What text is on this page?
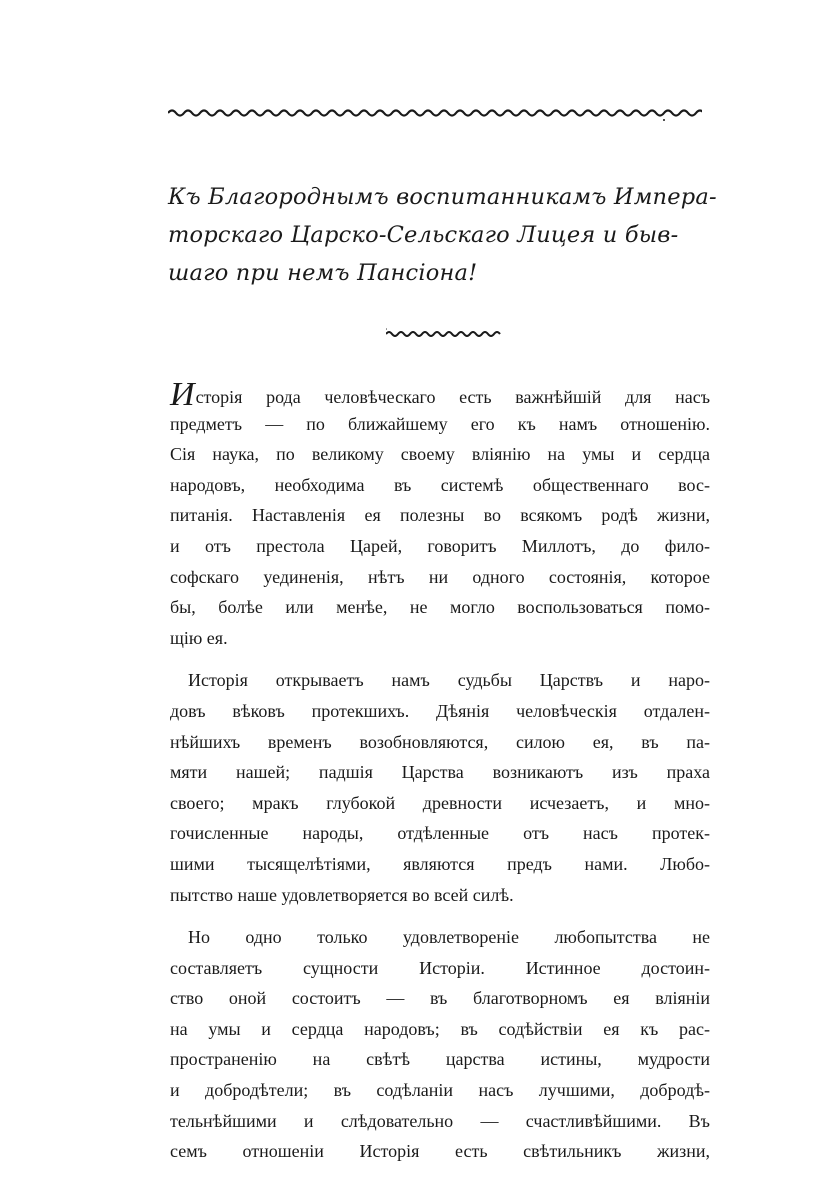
Къ Благороднымъ воспитанникамъ Импера-
торскаго Царско-Сельскаго Лицея и быв-
шаго при немъ Пансiона!
Исторiя рода человѣческаго есть важнѣйшiй для насъ
предметъ — по ближайшему его къ намъ отношенiю.
Сiя наука, по великому своему влiянiю на умы и сердца
народовъ, необходима въ системѣ общественнаго вос-
питанiя. Наставленiя ея полезны во всякомъ родѣ жизни,
и отъ престола Царей, говоритъ Миллотъ, до фило-
софскаго уединенiя, нѣтъ ни одного состоянiя, которое
бы, болѣе или менѣе, не могло воспользоваться помо-
щiю ея.
Исторiя открываетъ намъ судьбы Царствъ и наро-
довъ вѣковъ протекшихъ. Дѣянiя человѣческiя отдален-
нѣйшихъ временъ возобновляются, силою ея, въ па-
мяти нашей; падшiя Царства возникаютъ изъ праха
своего; мракъ глубокой древности исчезаетъ, и мно-
гочисленные народы, отдѣленные отъ насъ протек-
шими тысящелѣтiями, являются предъ нами. Любо-
пытство наше удовлетворяется во всей силѣ.
Но одно только удовлетворенiе любопытства не
составляетъ сущности Исторiи. Истинное достоин-
ство оной состоитъ — въ благотворномъ ея влiянiи
на умы и сердца народовъ; въ содѣйствiи ея къ рас-
пространенiю на свѣтѣ царства истины, мудрости
и добродѣтели; въ содѣланiи насъ лучшими, добродѣ-
тельнѣйшими и слѣдовательно — счастливѣйшими. Въ
семъ отношенiи Исторiя есть свѣтильникъ жизни,
